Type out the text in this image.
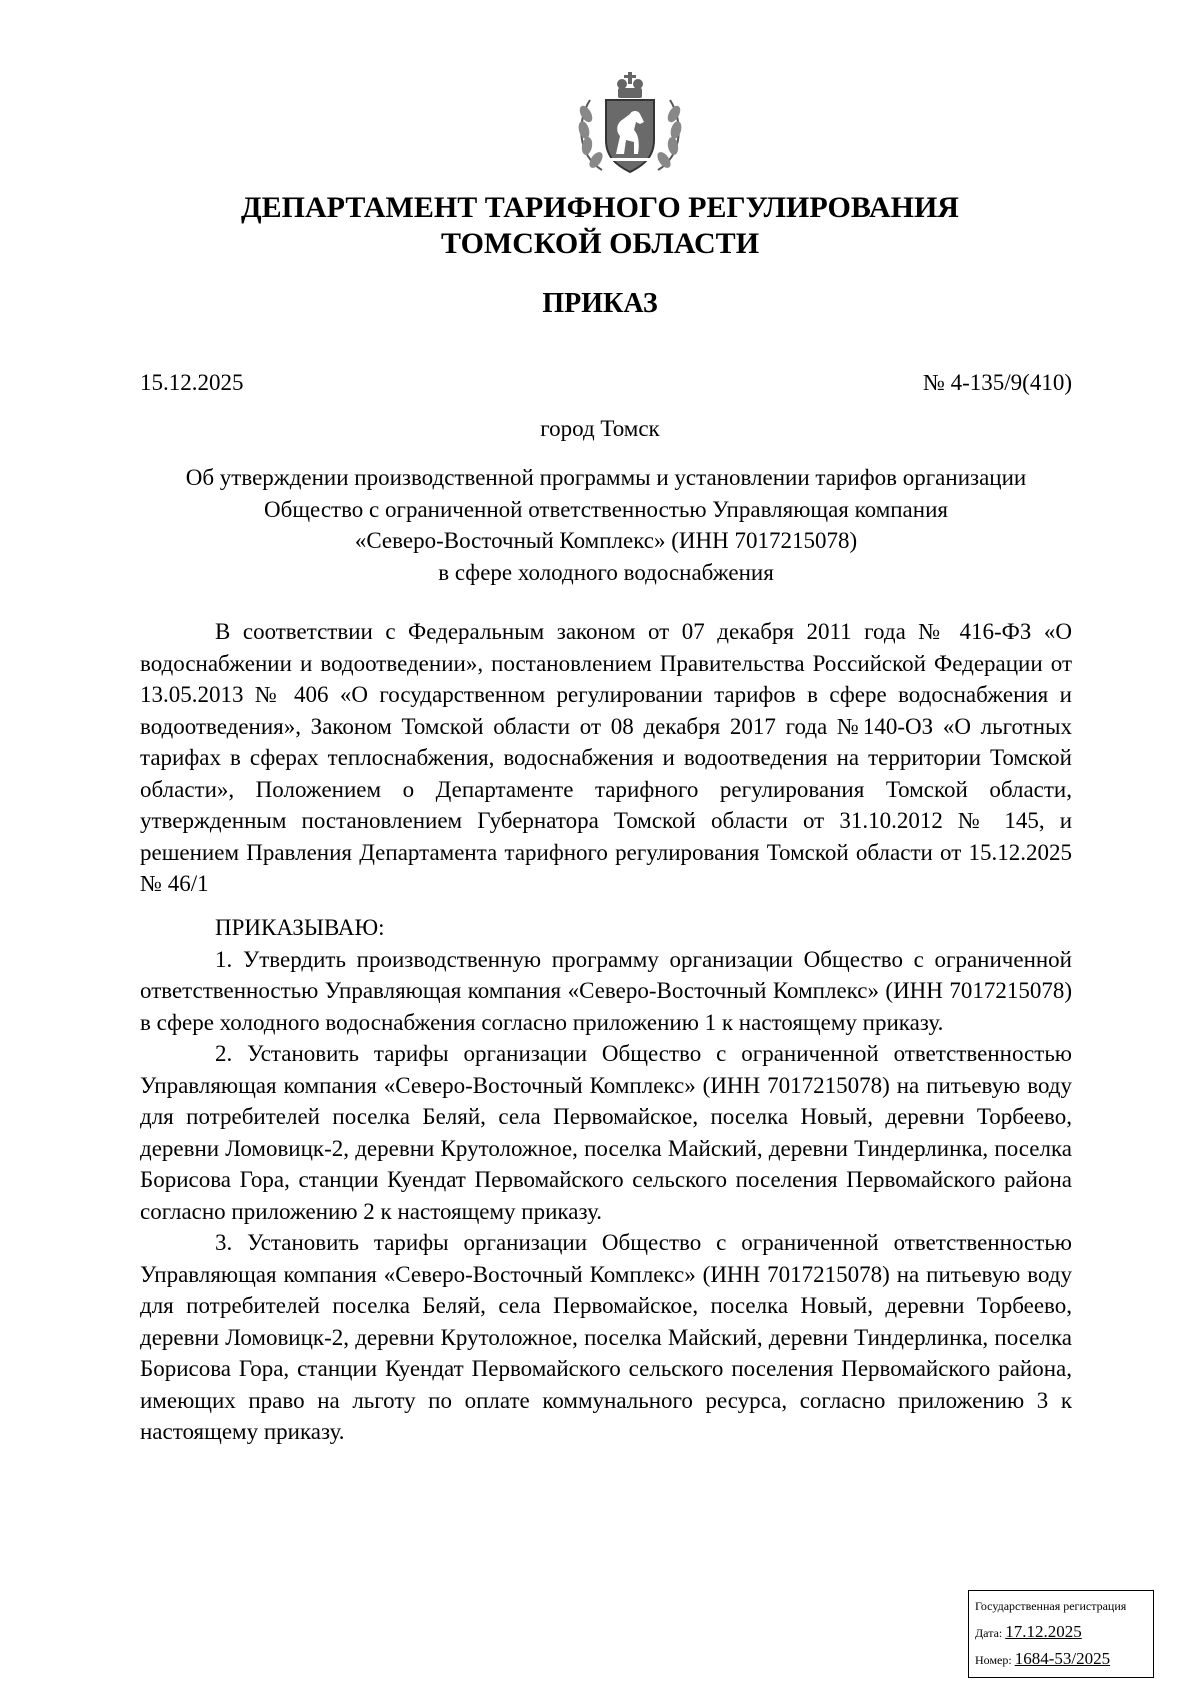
ДЕПАРТАМЕНТ ТАРИФНОГО РЕГУЛИРОВАНИЯ
ТОМСКОЙ ОБЛАСТИ
ПРИКАЗ
15.12.2025	№ 4-135/9(410)
город Томск
Об утверждении производственной программы и установлении тарифов организации
Общество с ограниченной ответственностью Управляющая компания
«Северо-Восточный Комплекс» (ИНН 7017215078)
в сфере холодного водоснабжения

В соответствии с Федеральным законом от 07 декабря 2011 года № 416-ФЗ «О водоснабжении и водоотведении», постановлением Правительства Российской Федерации от 13.05.2013 № 406 «О государственном регулировании тарифов в сфере водоснабжения и водоотведения», Законом Томской области от 08 декабря 2017 года №140-ОЗ «О льготных тарифах в сферах теплоснабжения, водоснабжения и водоотведения на территории Томской области», Положением о Департаменте тарифного регулирования Томской области, утвержденным постановлением Губернатора Томской области от 31.10.2012 № 145, и решением Правления Департамента тарифного регулирования Томской области от 15.12.2025 № 46/1

ПРИКАЗЫВАЮ:

1. Утвердить производственную программу организации Общество с ограниченной ответственностью Управляющая компания «Северо-Восточный Комплекс» (ИНН 7017215078) в сфере холодного водоснабжения согласно приложению 1 к настоящему приказу.

2. Установить тарифы организации Общество с ограниченной ответственностью Управляющая компания «Северо-Восточный Комплекс» (ИНН 7017215078) на питьевую воду для потребителей поселка Беляй, села Первомайское, поселка Новый, деревни Торбеево, деревни Ломовицк-2, деревни Крутоложное, поселка Майский, деревни Тиндерлинка, поселка Борисова Гора, станции Куендат Первомайского сельского поселения Первомайского района согласно приложению 2 к настоящему приказу.

3. Установить тарифы организации Общество с ограниченной ответственностью Управляющая компания «Северо-Восточный Комплекс» (ИНН 7017215078) на питьевую воду для потребителей поселка Беляй, села Первомайское, поселка Новый, деревни Торбеево, деревни Ломовицк-2, деревни Крутоложное, поселка Майский, деревни Тиндерлинка, поселка Борисова Гора, станции Куендат Первомайского сельского поселения Первомайского района, имеющих право на льготу по оплате коммунального ресурса, согласно приложению 3 к настоящему приказу.

Государственная регистрация
Дата: 17.12.2025
Номер: 1684-53/2025
